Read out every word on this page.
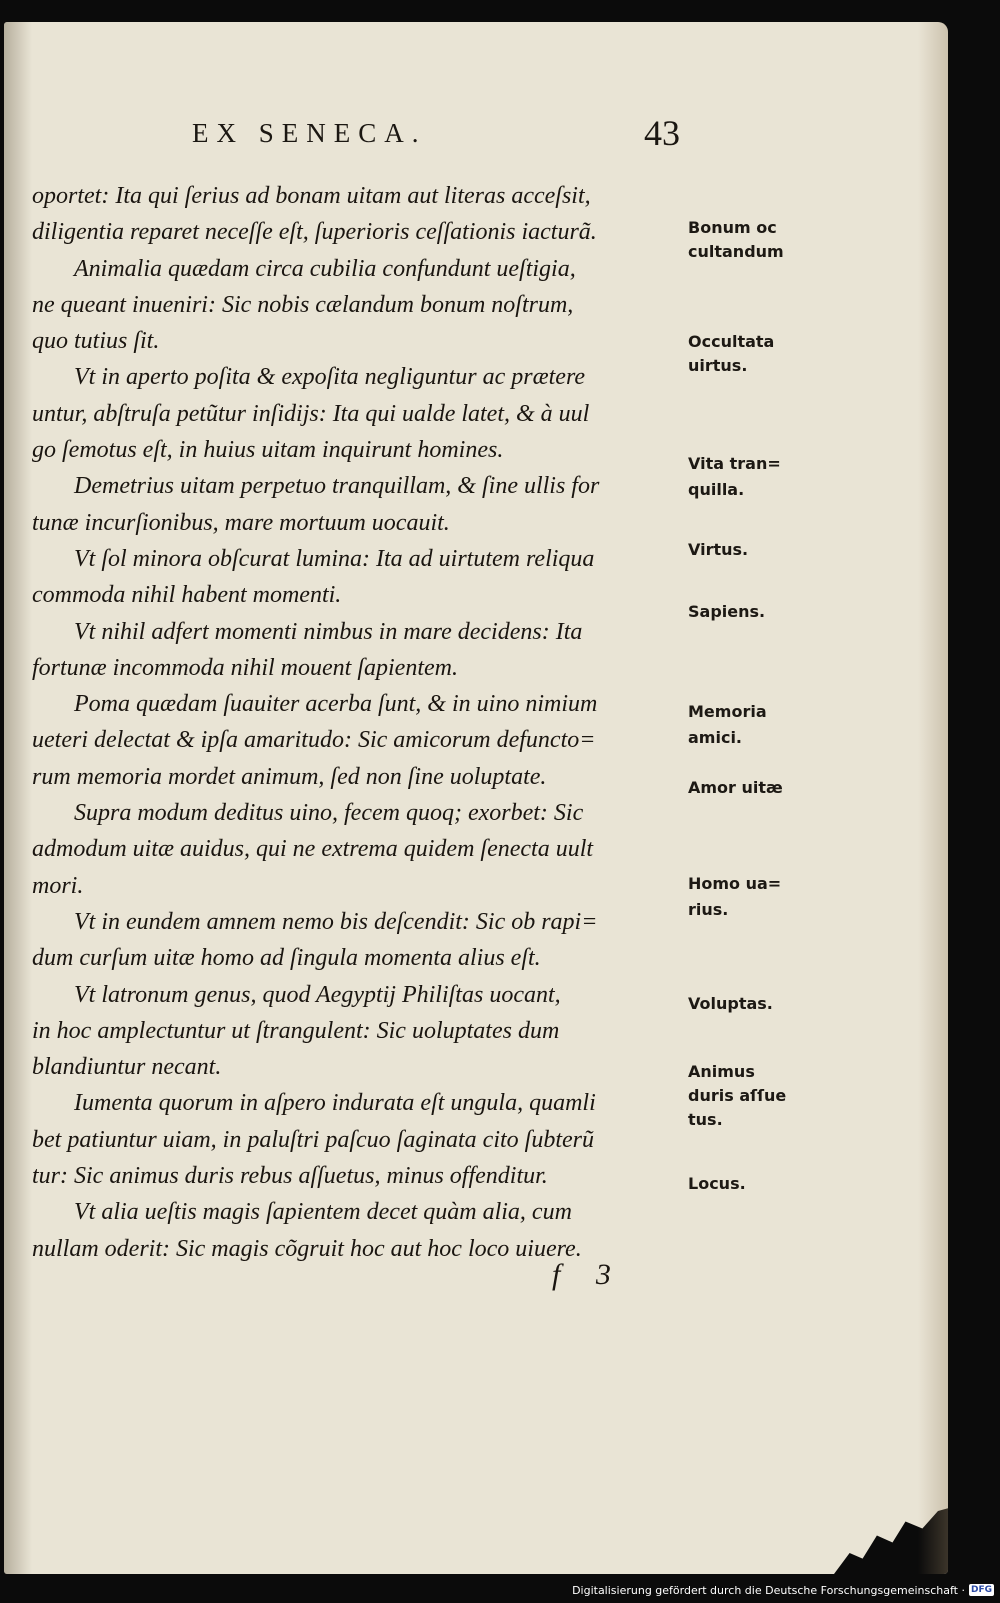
EX SENECA.	43
oportet: Ita qui ſerius ad bonam uitam aut literas acceſsit,
diligentia reparet neceſſe eſt, ſuperioris ceſſationis iacturã.
Animalia quædam circa cubilia confundunt ueſtigia,
ne queant inueniri: Sic nobis cælandum bonum noſtrum,
quo tutius ſit.
Vt in aperto poſita & expoſita negliguntur ac prætere
untur, abſtruſa petũtur inſidijs: Ita qui ualde latet, & à uul
go ſemotus eſt, in huius uitam inquirunt homines.
Demetrius uitam perpetuo tranquillam, & ſine ullis for
tunæ incurſionibus, mare mortuum uocauit.
Vt ſol minora obſcurat lumina: Ita ad uirtutem reliqua
commoda nihil habent momenti.
Vt nihil adfert momenti nimbus in mare decidens: Ita
fortunæ incommoda nihil mouent ſapientem.
Poma quædam ſuauiter acerba ſunt, & in uino nimium
ueteri delectat & ipſa amaritudo: Sic amicorum defuncto=
rum memoria mordet animum, ſed non ſine uoluptate.
Supra modum deditus uino, fecem quoq; exorbet: Sic
admodum uitæ auidus, qui ne extrema quidem ſenecta uult
mori.
Vt in eundem amnem nemo bis deſcendit: Sic ob rapi=
dum curſum uitæ homo ad ſingula momenta alius eſt.
Vt latronum genus, quod Aegyptij Philiſtas uocant,
in hoc amplectuntur ut ſtrangulent: Sic uoluptates dum
blandiuntur necant.
Iumenta quorum in aſpero indurata eſt ungula, quamli
bet patiuntur uiam, in paluſtri paſcuo ſaginata cito ſubterũ
tur: Sic animus duris rebus aſſuetus, minus offenditur.
Vt alia ueſtis magis ſapientem decet quàm alia, cum
nullam oderit: Sic magis cõgruit hoc aut hoc loco uiuere.
Bonum oc
cultandum
Occultata
uirtus.
Vita tran=
quilla.
Virtus.
Sapiens.
Memoria
amici.
Amor uitæ
Homo ua=
rius.
Voluptas.
Animus
duris aſſue
tus.
Locus.
f 3
Digitalisierung gefördert durch die Deutsche Forschungsgemeinschaft · DFG
